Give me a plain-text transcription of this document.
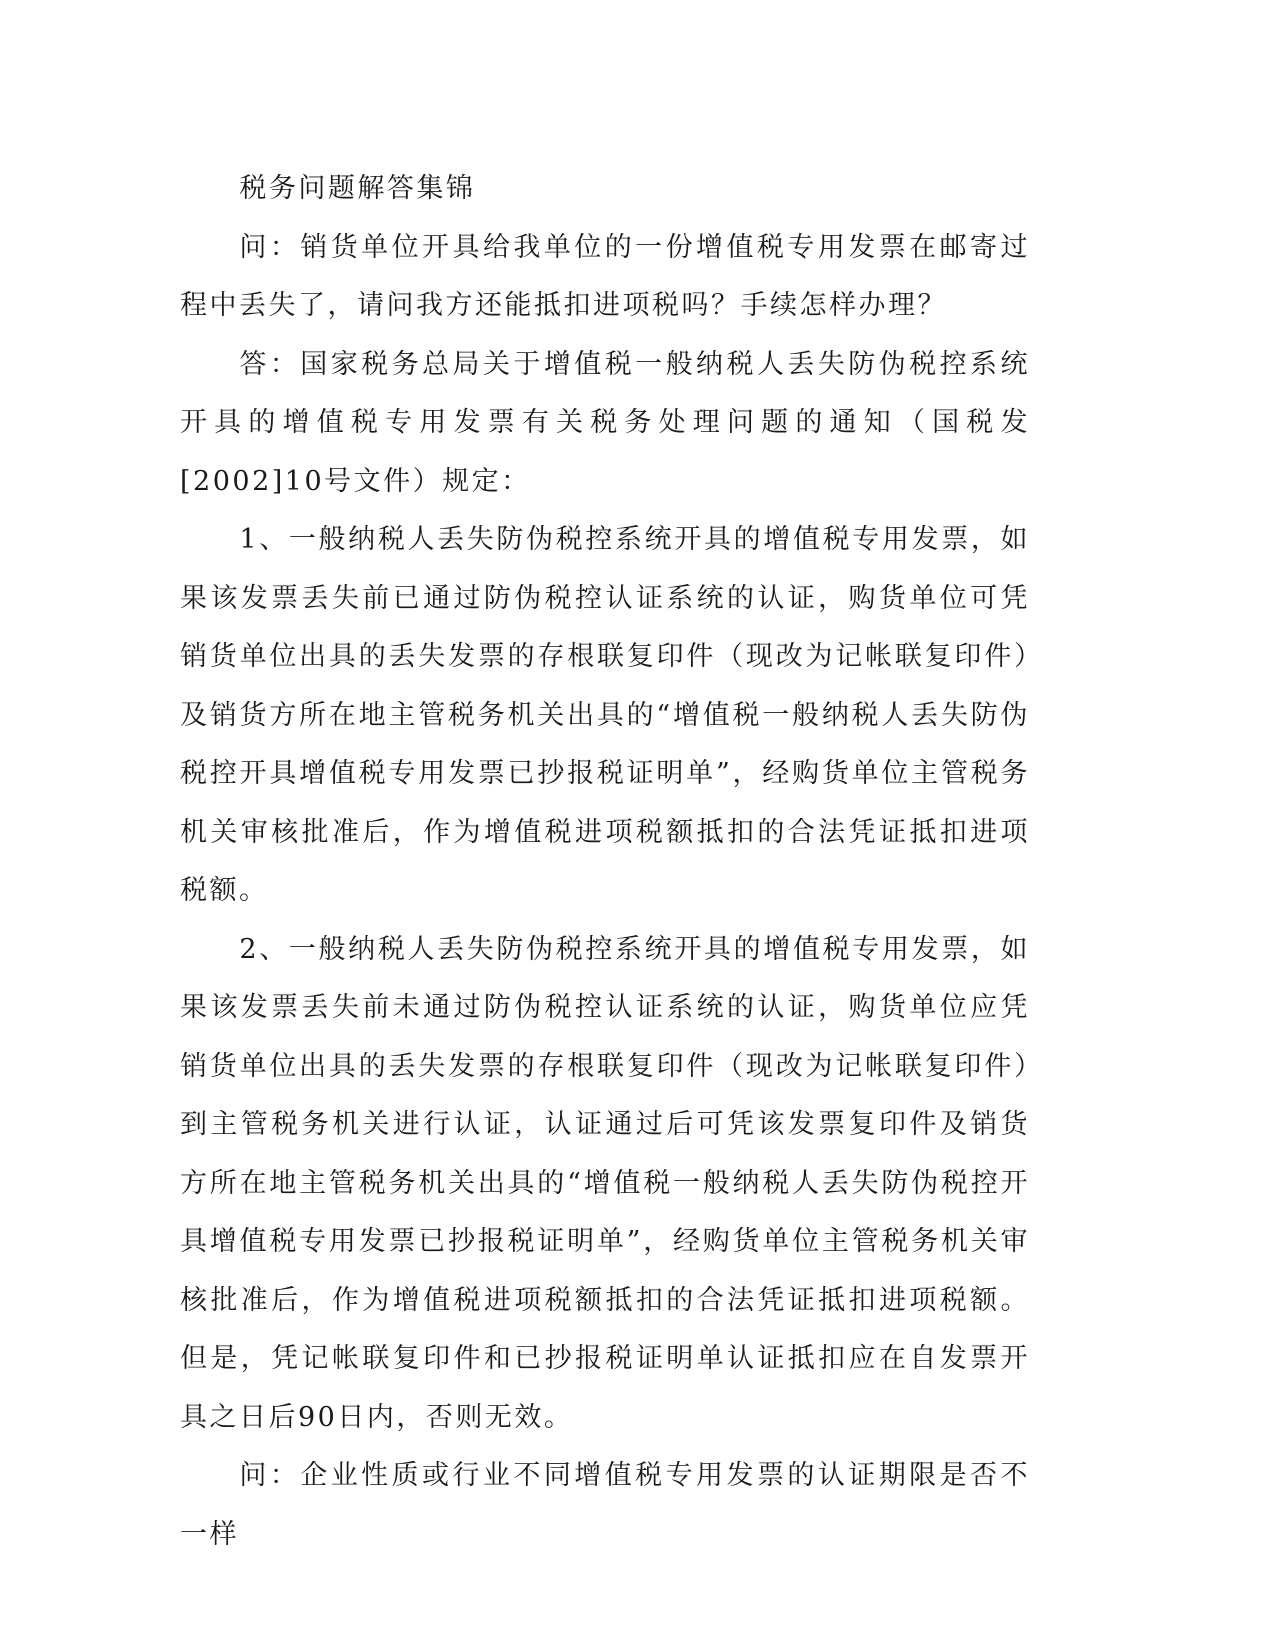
税务问题解答集锦

问：销货单位开具给我单位的一份增值税专用发票在邮寄过程中丢失了，请问我方还能抵扣进项税吗？手续怎样办理？

答：国家税务总局关于增值税一般纳税人丢失防伪税控系统开具的增值税专用发票有关税务处理问题的通知（国税发[2002]10号文件）规定：

1、一般纳税人丢失防伪税控系统开具的增值税专用发票，如果该发票丢失前已通过防伪税控认证系统的认证，购货单位可凭销货单位出具的丢失发票的存根联复印件（现改为记帐联复印件）及销货方所在地主管税务机关出具的“增值税一般纳税人丢失防伪税控开具增值税专用发票已抄报税证明单”，经购货单位主管税务机关审核批准后，作为增值税进项税额抵扣的合法凭证抵扣进项税额。

2、一般纳税人丢失防伪税控系统开具的增值税专用发票，如果该发票丢失前未通过防伪税控认证系统的认证，购货单位应凭销货单位出具的丢失发票的存根联复印件（现改为记帐联复印件）到主管税务机关进行认证，认证通过后可凭该发票复印件及销货方所在地主管税务机关出具的“增值税一般纳税人丢失防伪税控开具增值税专用发票已抄报税证明单”，经购货单位主管税务机关审核批准后，作为增值税进项税额抵扣的合法凭证抵扣进项税额。但是，凭记帐联复印件和已抄报税证明单认证抵扣应在自发票开具之日后90日内，否则无效。

问：企业性质或行业不同增值税专用发票的认证期限是否不一样
